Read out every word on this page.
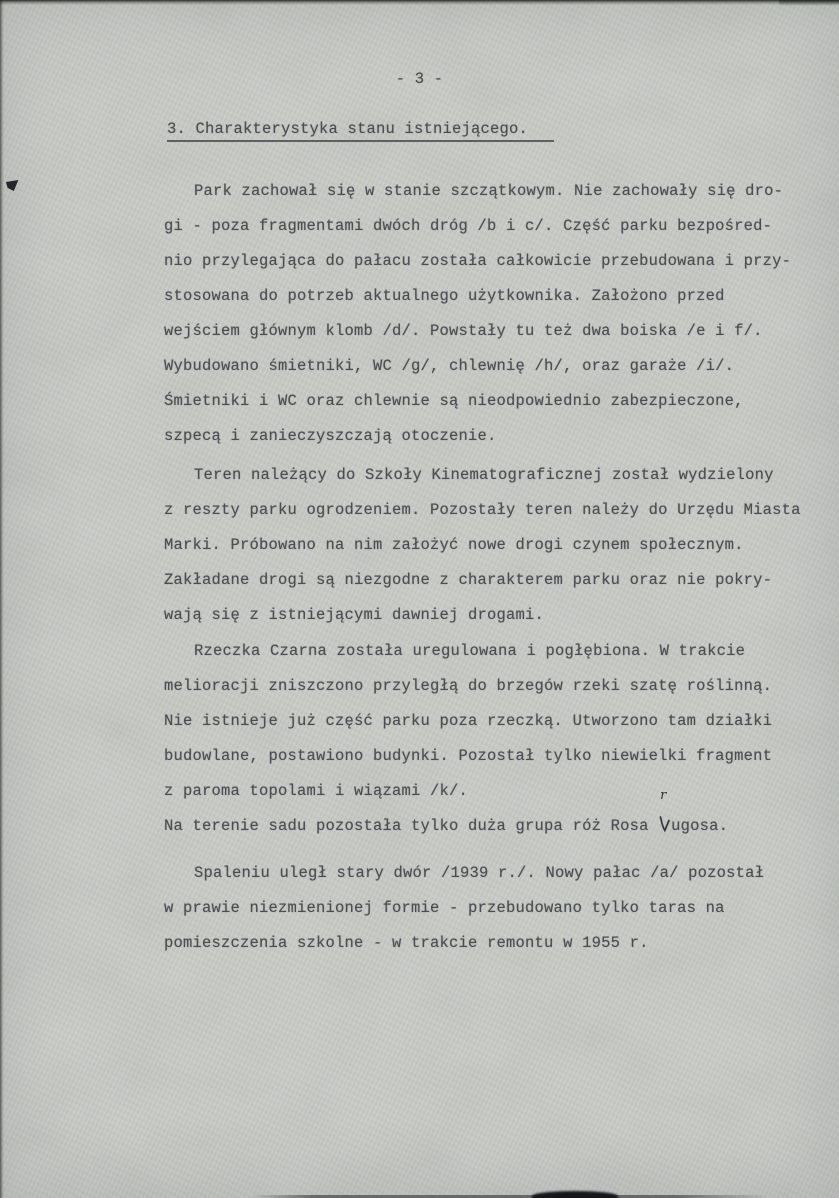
- 3 -
3. Charakterystyka stanu istniejącego.
Park zachował się w stanie szczątkowym. Nie zachowały się dro-
gi - poza fragmentami dwóch dróg /b i c/. Część parku bezpośred-
nio przylegająca do pałacu została całkowicie przebudowana i przy-
stosowana do potrzeb aktualnego użytkownika. Założono przed
wejściem głównym klomb /d/. Powstały tu też dwa boiska /e i f/.
Wybudowano śmietniki, WC /g/, chlewnię /h/, oraz garaże /i/.
Śmietniki i WC oraz chlewnie są nieodpowiednio zabezpieczone,
szpecą i zanieczyszczają otoczenie.
Teren należący do Szkoły Kinematograficznej został wydzielony
z reszty parku ogrodzeniem. Pozostały teren należy do Urzędu Miasta
Marki. Próbowano na nim założyć nowe drogi czynem społecznym.
Zakładane drogi są niezgodne z charakterem parku oraz nie pokry-
wają się z istniejącymi dawniej drogami.
Rzeczka Czarna została uregulowana i pogłębiona. W trakcie
melioracji zniszczono przyległą do brzegów rzeki szatę roślinną.
Nie istnieje już część parku poza rzeczką. Utworzono tam działki
budowlane, postawiono budynki. Pozostał tylko niewielki fragment
z paroma topolami i wiązami /k/.
Na terenie sadu pozostała tylko duża grupa róż Rosa
r
ugosa.
Spaleniu uległ stary dwór /1939 r./. Nowy pałac /a/ pozostał
w prawie niezmienionej formie - przebudowano tylko taras na
pomieszczenia szkolne - w trakcie remontu w 1955 r.
